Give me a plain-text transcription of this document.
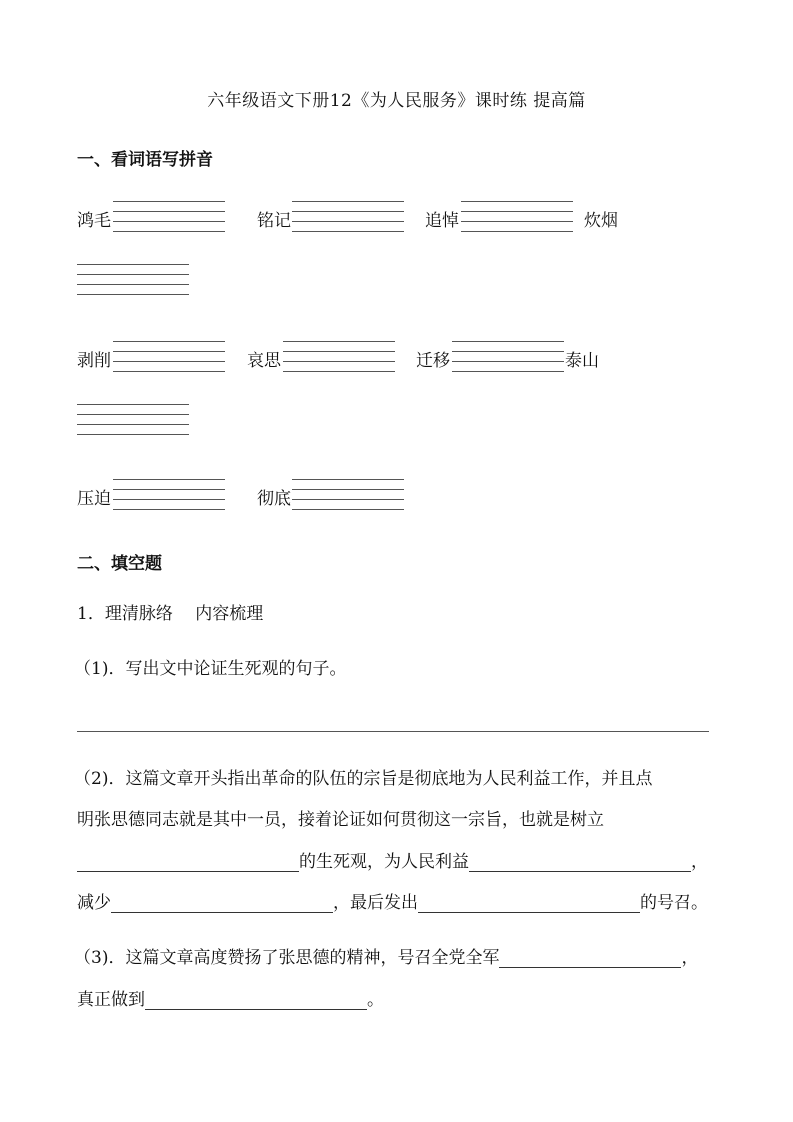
六年级语文下册12《为人民服务》课时练 提高篇
一、看词语写拼音
鸿毛	铭记	追悼	炊烟
剥削	哀思	迁移	泰山
压迫	彻底
二、填空题
1．理清脉络　 内容梳理
（1)．写出文中论证生死观的句子。
（2)．这篇文章开头指出革命的队伍的宗旨是彻底地为人民利益工作，并且点
明张思德同志就是其中一员，接着论证如何贯彻这一宗旨，也就是树立
的生死观，为人民利益	，
减少	，最后发出	的号召。
（3)．这篇文章高度赞扬了张思德的精神，号召全党全军	，
真正做到	。
